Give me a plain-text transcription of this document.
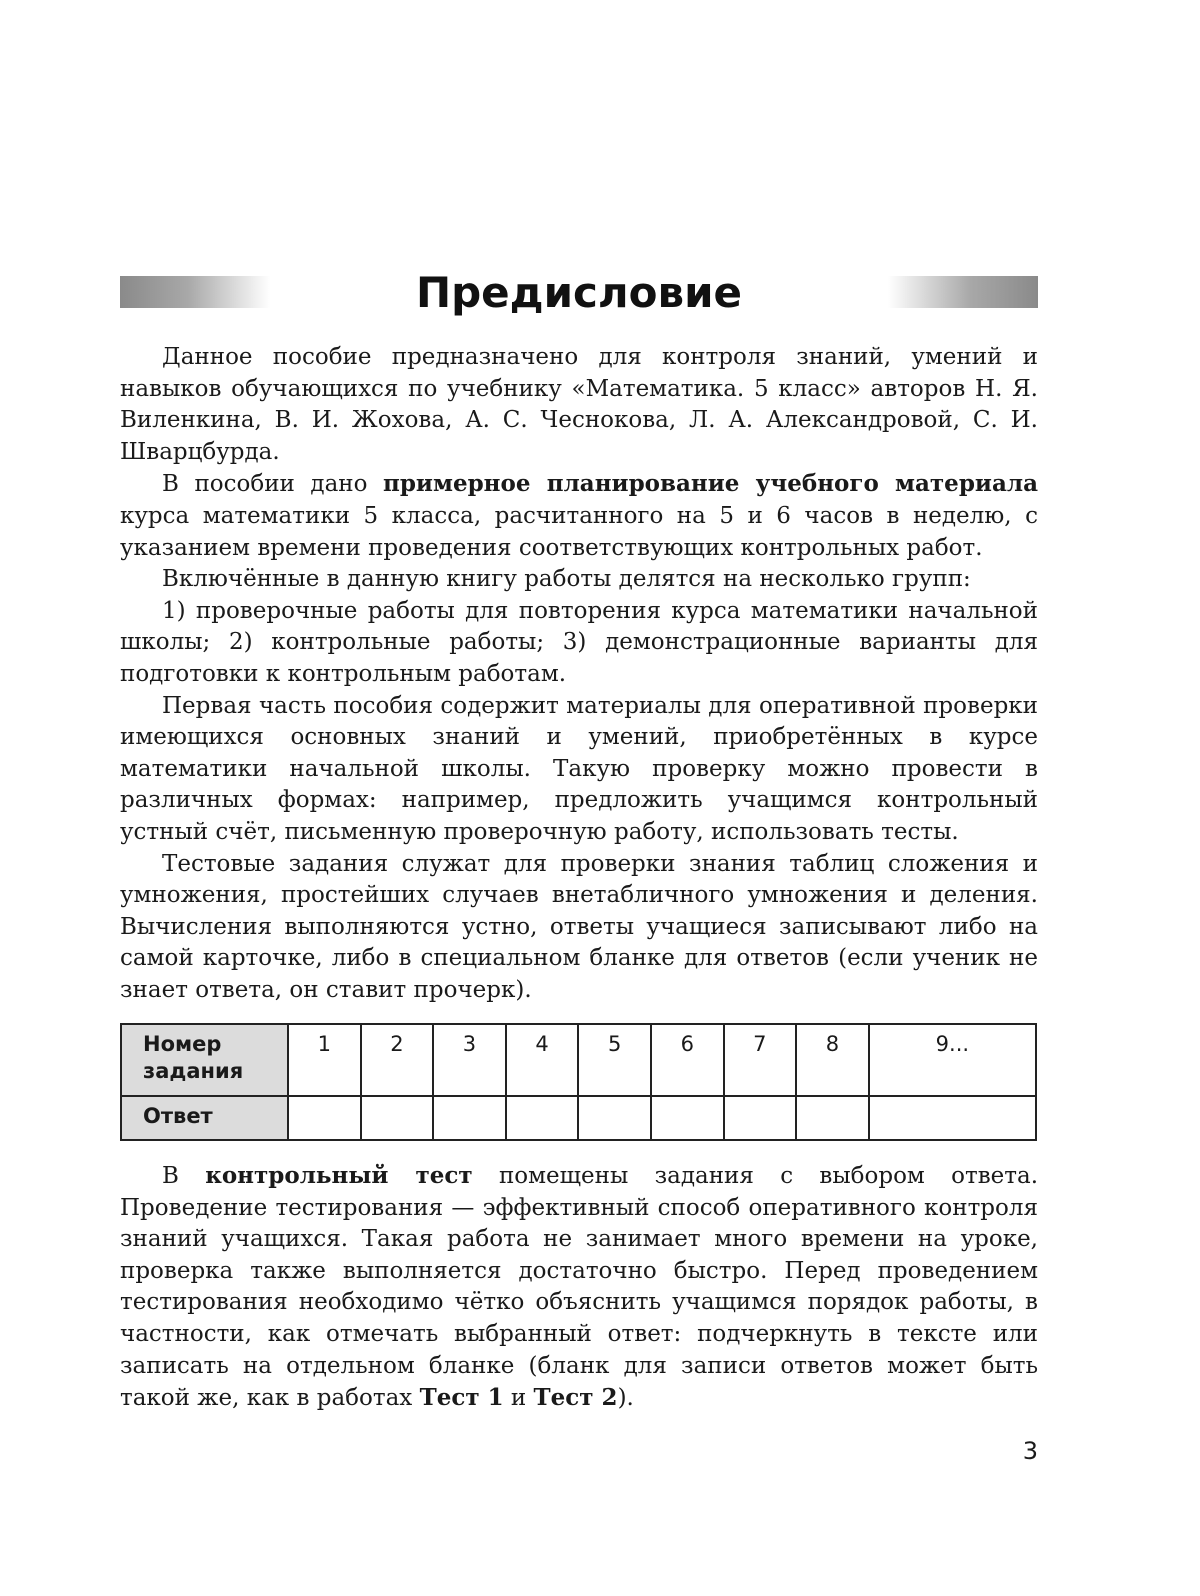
Предисловие

Данное пособие предназначено для контроля знаний, умений и навыков обучающихся по учебнику «Математика. 5 класс» авторов Н. Я. Виленкина, В. И. Жохова, А. С. Чеснокова, Л. А. Александровой, С. И. Шварцбурда.

В пособии дано примерное планирование учебного материала курса математики 5 класса, расчитанного на 5 и 6 часов в неделю, с указанием времени проведения соответствующих контрольных работ.

Включённые в данную книгу работы делятся на несколько групп:

1) проверочные работы для повторения курса математики начальной школы; 2) контрольные работы; 3) демонстрационные варианты для подготовки к контрольным работам.

Первая часть пособия содержит материалы для оперативной проверки имеющихся основных знаний и умений, приобретённых в курсе математики начальной школы. Такую проверку можно провести в различных формах: например, предложить учащимся контрольный устный счёт, письменную проверочную работу, использовать тесты.

Тестовые задания служат для проверки знания таблиц сложения и умножения, простейших случаев внетабличного умножения и деления. Вычисления выполняются устно, ответы учащиеся записывают либо на самой карточке, либо в специальном бланке для ответов (если ученик не знает ответа, он ставит прочерк).

Номер задания	1	2	3	4	5	6	7	8	9...
Ответ									

В контрольный тест помещены задания с выбором ответа. Проведение тестирования — эффективный способ оперативного контроля знаний учащихся. Такая работа не занимает много времени на уроке, проверка также выполняется достаточно быстро. Перед проведением тестирования необходимо чётко объяснить учащимся порядок работы, в частности, как отмечать выбранный ответ: подчеркнуть в тексте или записать на отдельном бланке (бланк для записи ответов может быть такой же, как в работах Тест 1 и Тест 2).

3
